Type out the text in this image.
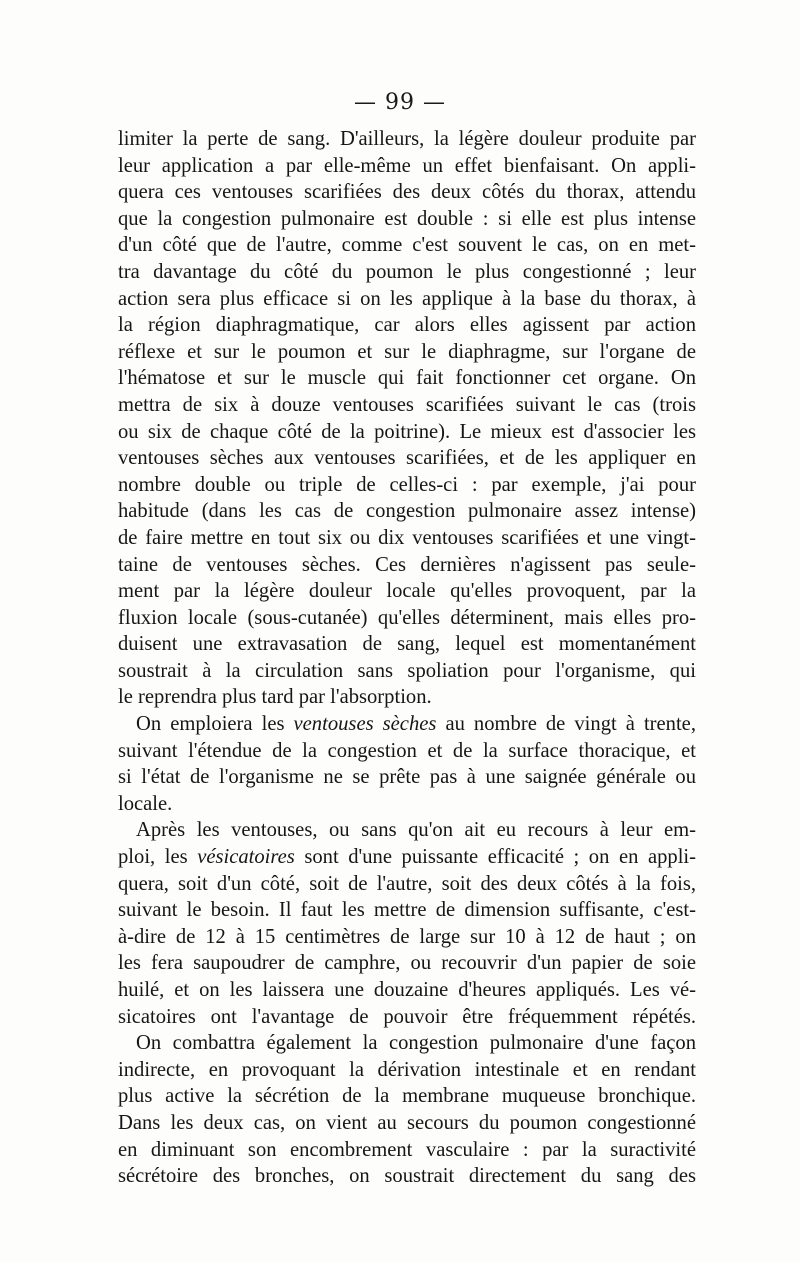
— 99 —
limiter la perte de sang. D'ailleurs, la légère douleur produite par
leur application a par elle-même un effet bienfaisant. On appli-
quera ces ventouses scarifiées des deux côtés du thorax, attendu
que la congestion pulmonaire est double : si elle est plus intense
d'un côté que de l'autre, comme c'est souvent le cas, on en met-
tra davantage du côté du poumon le plus congestionné ; leur
action sera plus efficace si on les applique à la base du thorax, à
la région diaphragmatique, car alors elles agissent par action
réflexe et sur le poumon et sur le diaphragme, sur l'organe de
l'hématose et sur le muscle qui fait fonctionner cet organe. On
mettra de six à douze ventouses scarifiées suivant le cas (trois
ou six de chaque côté de la poitrine). Le mieux est d'associer les
ventouses sèches aux ventouses scarifiées, et de les appliquer en
nombre double ou triple de celles-ci : par exemple, j'ai pour
habitude (dans les cas de congestion pulmonaire assez intense)
de faire mettre en tout six ou dix ventouses scarifiées et une vingt-
taine de ventouses sèches. Ces dernières n'agissent pas seule-
ment par la légère douleur locale qu'elles provoquent, par la
fluxion locale (sous-cutanée) qu'elles déterminent, mais elles pro-
duisent une extravasation de sang, lequel est momentanément
soustrait à la circulation sans spoliation pour l'organisme, qui
le reprendra plus tard par l'absorption.
On emploiera les ventouses sèches au nombre de vingt à trente,
suivant l'étendue de la congestion et de la surface thoracique, et
si l'état de l'organisme ne se prête pas à une saignée générale ou
locale.
Après les ventouses, ou sans qu'on ait eu recours à leur em-
ploi, les vésicatoires sont d'une puissante efficacité ; on en appli-
quera, soit d'un côté, soit de l'autre, soit des deux côtés à la fois,
suivant le besoin. Il faut les mettre de dimension suffisante, c'est-
à-dire de 12 à 15 centimètres de large sur 10 à 12 de haut ; on
les fera saupoudrer de camphre, ou recouvrir d'un papier de soie
huilé, et on les laissera une douzaine d'heures appliqués. Les vé-
sicatoires ont l'avantage de pouvoir être fréquemment répétés.
On combattra également la congestion pulmonaire d'une façon
indirecte, en provoquant la dérivation intestinale et en rendant
plus active la sécrétion de la membrane muqueuse bronchique.
Dans les deux cas, on vient au secours du poumon congestionné
en diminuant son encombrement vasculaire : par la suractivité
sécrétoire des bronches, on soustrait directement du sang des
